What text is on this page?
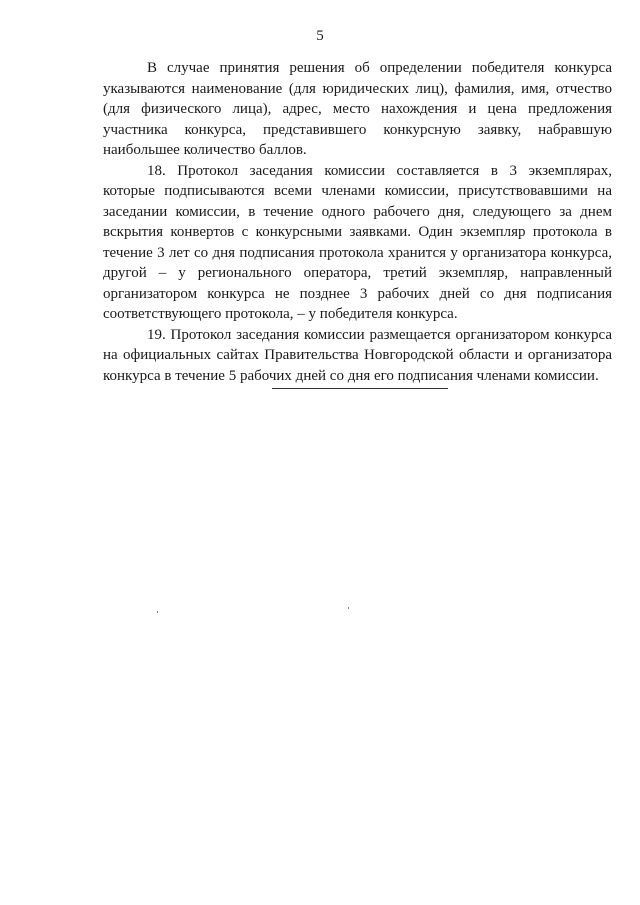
5

В случае принятия решения об определении победителя конкурса указываются наименование (для юридических лиц), фамилия, имя, отчество (для физического лица), адрес, место нахождения и цена предложения участника конкурса, представившего конкурсную заявку, набравшую наибольшее количество баллов.

18. Протокол заседания комиссии составляется в 3 экземплярах, которые подписываются всеми членами комиссии, присутствовавшими на заседании комиссии, в течение одного рабочего дня, следующего за днем вскрытия конвертов с конкурсными заявками. Один экземпляр протокола в течение 3 лет со дня подписания протокола хранится у организатора конкурса, другой – у регионального оператора, третий экземпляр, направленный организатором конкурса не позднее 3 рабочих дней со дня подписания соответствующего протокола, – у победителя конкурса.

19. Протокол заседания комиссии размещается организатором конкурса на официальных сайтах Правительства Новгородской области и организатора конкурса в течение 5 рабочих дней со дня его подписания членами комиссии.
